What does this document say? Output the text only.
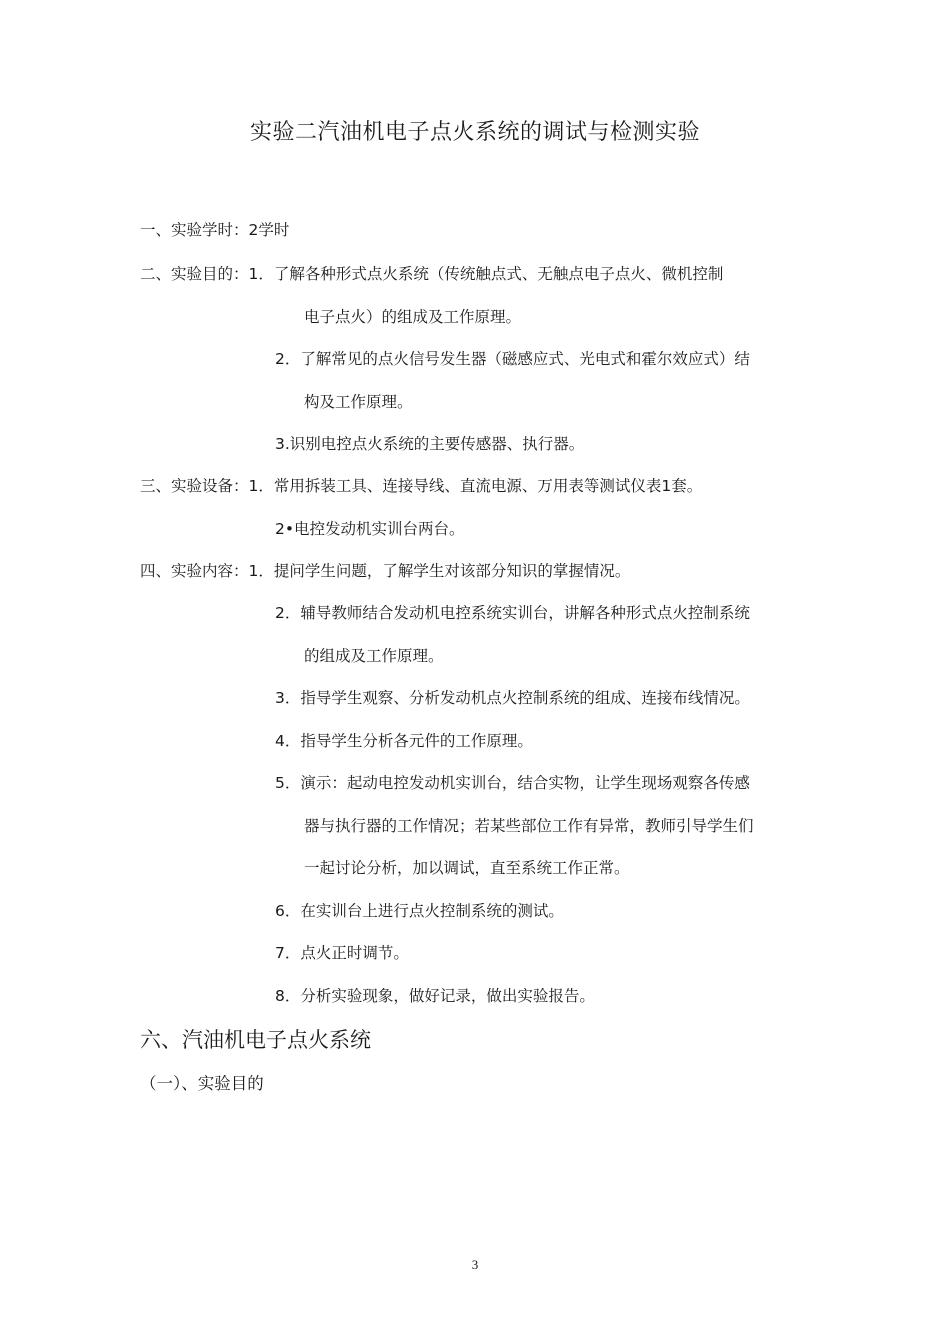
实验二汽油机电子点火系统的调试与检测实验
一、实验学时：2学时
二、实验目的：1．了解各种形式点火系统（传统触点式、无触点电子点火、微机控制
电子点火）的组成及工作原理。
2．了解常见的点火信号发生器（磁感应式、光电式和霍尔效应式）结
构及工作原理。
3.识别电控点火系统的主要传感器、执行器。
三、实验设备：1．常用拆装工具、连接导线、直流电源、万用表等测试仪表1套。
2•电控发动机实训台两台。
四、实验内容：1．提问学生问题，了解学生对该部分知识的掌握情况。
2．辅导教师结合发动机电控系统实训台，讲解各种形式点火控制系统
的组成及工作原理。
3．指导学生观察、分析发动机点火控制系统的组成、连接布线情况。
4．指导学生分析各元件的工作原理。
5．演示：起动电控发动机实训台，结合实物，让学生现场观察各传感
器与执行器的工作情况；若某些部位工作有异常，教师引导学生们
一起讨论分析，加以调试，直至系统工作正常。
6．在实训台上进行点火控制系统的测试。
7．点火正时调节。
8．分析实验现象，做好记录，做出实验报告。
六、汽油机电子点火系统
（一）、实验目的
3
